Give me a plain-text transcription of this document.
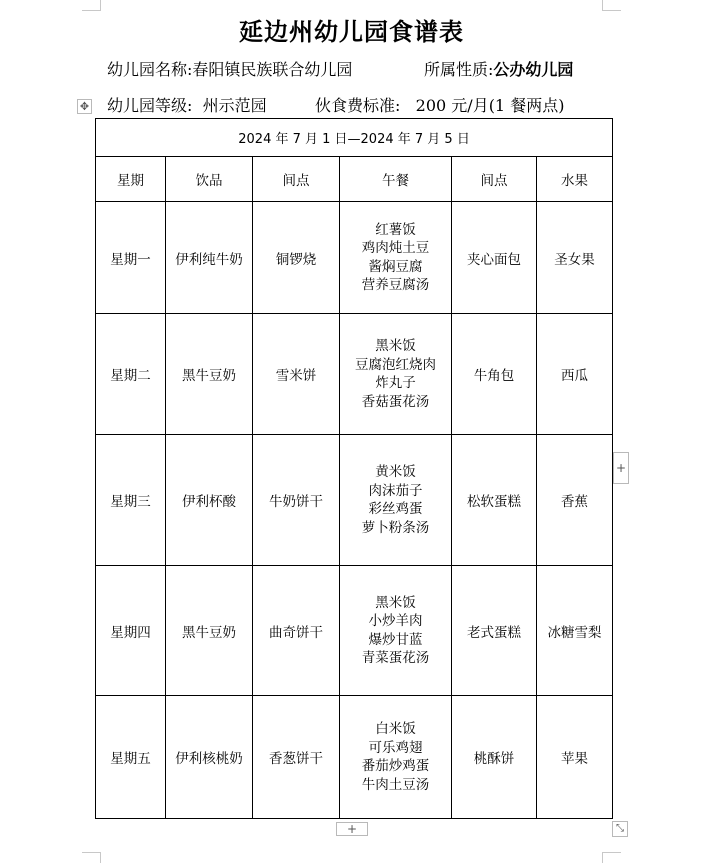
延边州幼儿园食谱表
幼儿园名称:春阳镇民族联合幼儿园	所属性质:公办幼儿园
幼儿园等级: 州示范园	伙食费标准: 200 元/月(1 餐两点)
✥
2024 年 7 月 1 日—2024 年 7 月 5 日					
星期	饮品	间点	午餐	间点	水果
星期一	伊利纯牛奶	铜锣烧	红薯饭
鸡肉炖土豆
酱焖豆腐
营养豆腐汤	夹心面包	圣女果
星期二	黑牛豆奶	雪米饼	黑米饭
豆腐泡红烧肉
炸丸子
香菇蛋花汤	牛角包	西瓜
星期三	伊利杯酸	牛奶饼干	黄米饭
肉沫茄子
彩丝鸡蛋
萝卜粉条汤	松软蛋糕	香蕉
星期四	黑牛豆奶	曲奇饼干	黑米饭
小炒羊肉
爆炒甘蓝
青菜蛋花汤	老式蛋糕	冰糖雪梨
星期五	伊利核桃奶	香葱饼干	白米饭
可乐鸡翅
番茄炒鸡蛋
牛肉土豆汤	桃酥饼	苹果
+
+	⤡
